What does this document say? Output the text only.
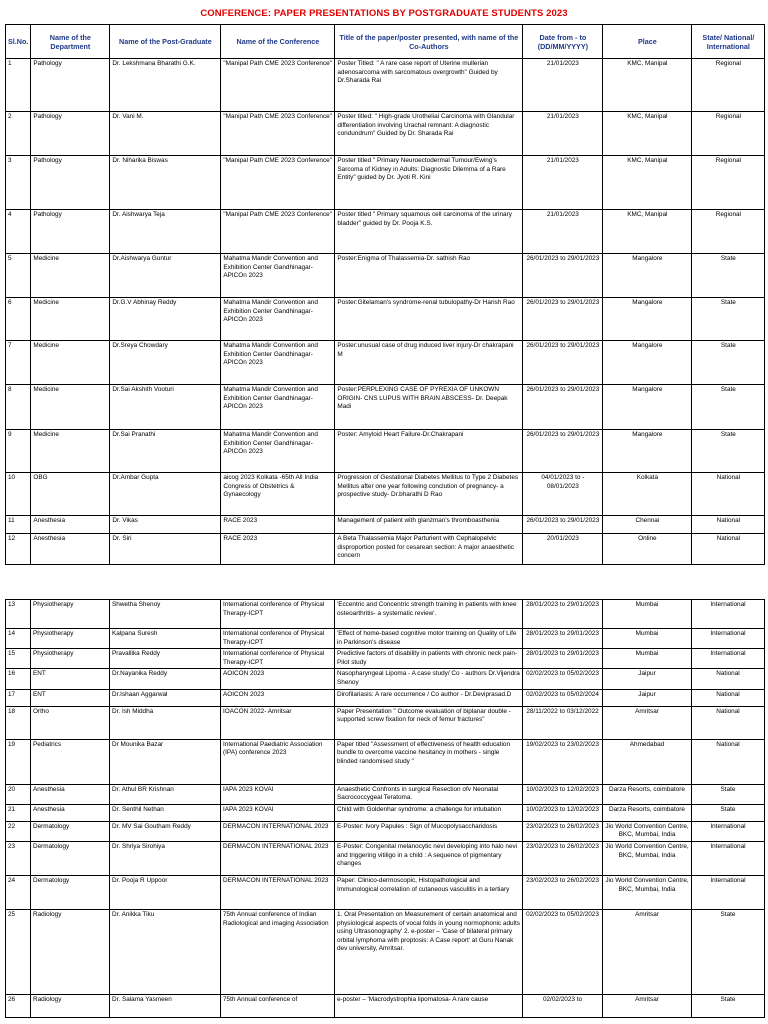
CONFERENCE: PAPER PRESENTATIONS BY POSTGRADUATE STUDENTS 2023
Sl.No.	Name of the Department	Name of the Post-Graduate	Name of the Conference	Title of the paper/poster presented, with name of the Co-Authors	Date from - to (DD/MM/YYYY)	Place	State/ National/ International
1	Pathology	Dr. Lekshmana Bharathi G.K.	"Manipal Path CME 2023 Conference"	Poster Titled: " A rare case report of Uterine mullerian adenosarcoma with sarcomatous overgrowth" Guided by Dr.Sharada Rai	21/01/2023	KMC, Manipal	Regional
2	Pathology	Dr. Vani M.	"Manipal Path CME 2023 Conference"	Poster titled: " High-grade Urothelial Carcinoma with Glandular differentiation involving Urachal remnant: A diagnostic condundrum" Guided by Dr. Sharada Rai	21/01/2023	KMC, Manipal	Regional
3	Pathology	Dr. Niharika Biswas	"Manipal Path CME 2023 Conference"	Poster titled " Primary Neuroectodermal Tumour/Ewing's Sarcoma of Kidney in Adults: Diagnostic Dilemma of a Rare Entity" guided by Dr. Jyoti R. Kini	21/01/2023	KMC, Manipal	Regional
4	Pathology	Dr. Aishwarya Teja	"Manipal Path CME 2023 Conference"	Poster titled " Primary squamous cell carcinoma of the urinary bladder" guided by Dr. Pooja K.S.	21/01/2023	KMC, Manipal	Regional
5	Medicine	Dr.Aishwarya Guntur	Mahatma Mandir Convention and Exhibition Center Gandhinagar-APICOn 2023	Poster:Enigma of Thalassemia-Dr. sathish Rao	26/01/2023 to 29/01/2023	Mangalore	State
6	Medicine	Dr.G.V Abhinay Reddy	Mahatma Mandir Convention and Exhibition Center Gandhinagar-APICOn 2023	Poster:Gitelaman's syndrome-renal tubulopathy-Dr Harish Rao	26/01/2023 to 29/01/2023	Mangalore	State
7	Medicine	Dr.Sreya Chowdary	Mahatma Mandir Convention and Exhibition Center Gandhinagar-APICOn 2023	Poster:unusual case of drug induced liver injury-Dr chakrapani M	26/01/2023 to 29/01/2023	Mangalore	State
8	Medicine	Dr.Sai Akshith Vooturi	Mahatma Mandir Convention and Exhibition Center Gandhinagar-APICOn 2023	Poster:PERPLEXING CASE OF PYREXIA OF UNKOWN ORIGIN- CNS LUPUS WITH BRAIN ABSCESS- Dr. Deepak Madi	26/01/2023 to 29/01/2023	Mangalore	State
9	Medicine	Dr.Sai Pranathi	Mahatma Mandir Convention and Exhibition Center Gandhinagar-APICOn 2023	Poster: Amyloid Heart Failure-Dr.Chakrapani	26/01/2023 to 29/01/2023	Mangalore	State
10	OBG	Dr.Ambar Gupta	aicog 2023 Kolkata -65th All India Congress of Obstetrics & Gynaecology	Progression of Gestational Diabetes Mellitus to Type 2 Diabetes Mellitus after one year following conclution of pregnancy- a prospective study- Dr.bharathi D Rao	04/01/2023 to - 08/01/2023	Kolkata	National
11	Anesthesia	Dr. Vikas	RACE 2023	Management of patient with glanzman's thromboasthenia	26/01/2023 to 29/01/2023	Chennai	National
12	Anesthesia	Dr. Siri	RACE 2023	A Beta Thalassemia Major Parturient with Cephalopelvic disproportion posted for cesarean section: A major anaesthetic concern	20/01/2023	Online	National
13	Physiotherapy	Shwetha Shenoy	International conference of Physical Therapy-ICPT	'Eccentric and Concentric strength training in patients with knee osteoarthritis- a systematic review'.	28/01/2023 to 29/01/2023	Mumbai	International
14	Physiotherapy	Kalpana Suresh	International conference of Physical Therapy-ICPT	'Effect of home-based cognitive motor training on Quality of Life in Parkinson's disease	28/01/2023 to 29/01/2023	Mumbai	International
15	Physiotherapy	Pravallika Reddy	International conference of Physical Therapy-ICPT	Predictive factors of disability in patients with chronic neck pain-Pilot study	28/01/2023 to 29/01/2023	Mumbai	International
16	ENT	Dr.Nayanika Reddy	AOICON 2023	Nasopharyngeal Lipoma - A case study/ Co - authors Dr.Vijendra Shenoy	02/02/2023 to 05/02/2023	Jaipur	National
17	ENT	Dr.Ishaan Aggarwal	AOICON 2023	Dirofilariasis: A rare occurrence / Co author - Dr.Deviprasad.D	02/02/2023 to 05/02/2024	Jaipur	National
18	Ortho	Dr. Ish Middha	IOACON 2022- Amritsar	Paper Presentation " Outcome evaluation of biplanar double -supported screw fixation for neck of femur fractures"	28/11/2022 to 03/12/2022	Amritsar	National
19	Pediatrics	Dr Mounika Bazar	International Paediatric Association (IPA) conference 2023	Paper titled "Assessment of effectiveness of health education bundle to overcome vaccine hesitancy in mothers - single blinded randomised study "	19/02/2023 to 23/02/2023	Ahmedabad	National
20	Anesthesia	Dr. Athul BR Krishnan	IAPA 2023 KOVAI	Anaesthetic Confronts in surgical Resection ofv Neonatal Sacrococcygeal Teratoma.	10/02/2023 to 12/02/2023	Darza Resorts, coimbatore	State
21	Anesthesia	Dr. Senthil Nethan	IAPA 2023 KOVAI	Child with Goldenhar syndrome: a challenge for intubation	10/02/2023 to 12/02/2023	Darza Resorts, coimbatore	State
22	Dermatology	Dr. MV Sai Goutham Reddy	DERMACON INTERNATIONAL 2023	E-Poster: Ivory Papules : Sign of Mucopolysaccharidosis	23/02/2023 to 26/02/2023	Jio World Convention Centre, BKC, Mumbai, India	International
23	Dermatology	Dr. Shriya Sirohiya	DERMACON INTERNATIONAL 2023	E-Poster: Congenital melanocytic nevi developing into halo nevi and triggering vitiligo in a child : A sequence of pigmentary changes	23/02/2023 to 26/02/2023	Jio World Convention Centre, BKC, Mumbai, India	International
24	Dermatology	Dr. Pooja R Uppoor	DERMACON INTERNATIONAL 2023	Paper: Clinico-dermoscopic, Histopathological and Immunological correlation of cutaneous vasculitis in a tertiary	23/02/2023 to 26/02/2023	Jio World Convention Centre, BKC, Mumbai, India	International
25	Radiology	Dr. Anikka Tiku	75th Annual conference of Indian Radiological and imaging Association	1. Oral Presentation on Measurement of certain anatomical and physiological aspects of vocal folds in young normophonic adults using Ultrasonography' 2. e-poster – 'Case of bilateral primary orbital lymphoma with proptosis: A Case report' at Guru Nanak dev university, Amritsar.	02/02/2023 to 05/02/2023	Amritsar	State
26	Radiology	Dr. Salama Yasmeen	75th Annual conference of	e-poster – 'Macrodystrophia lipomatosa- A rare cause	02/02/2023 to	Amritsar	State
